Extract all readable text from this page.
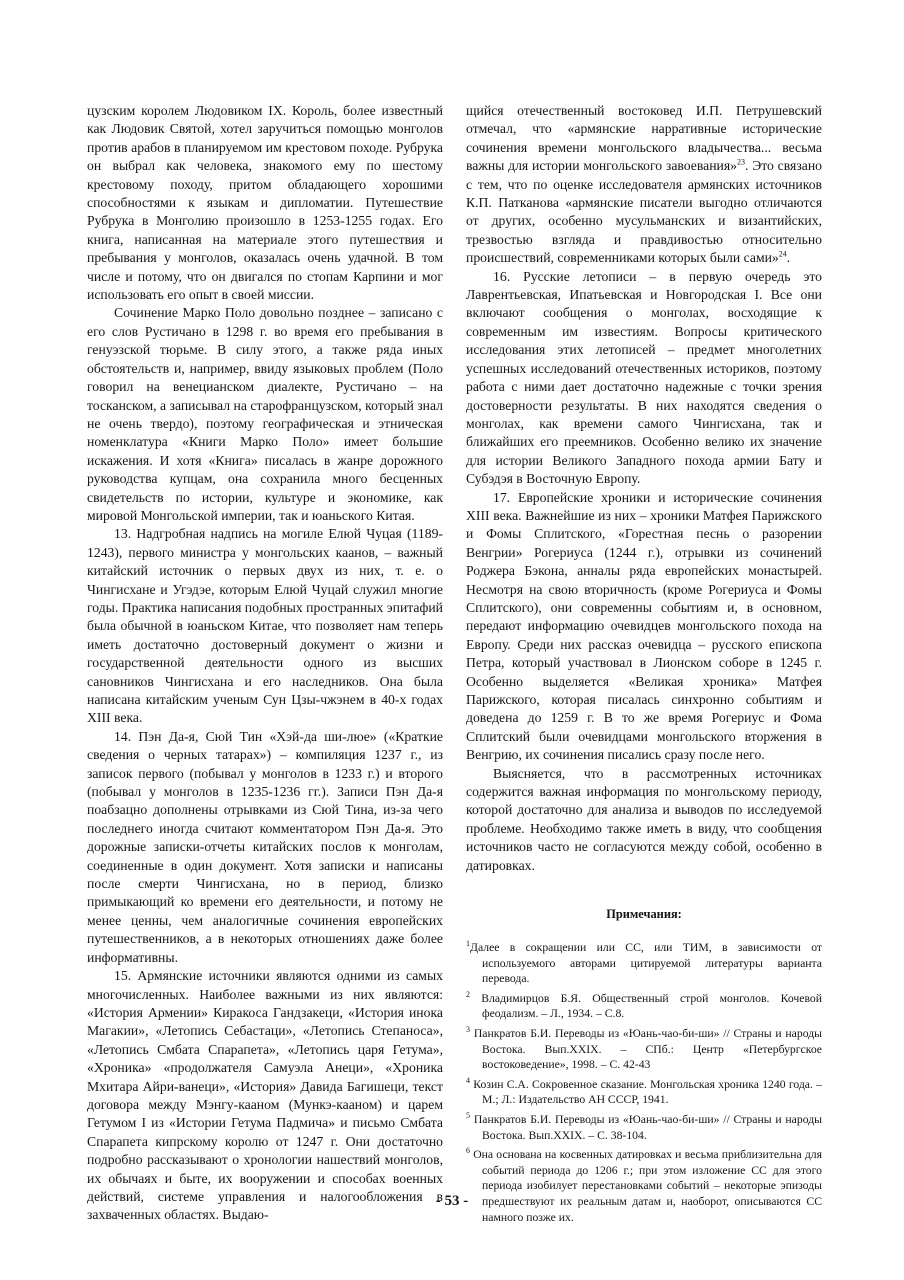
цузским королем Людовиком IX. Король, более известный как Людовик Святой, хотел заручиться помощью монголов против арабов в планируемом им крестовом походе. Рубрука он выбрал как человека, знакомого ему по шестому крестовому походу, притом обладающего хорошими способностями к языкам и дипломатии. Путешествие Рубрука в Монголию произошло в 1253-1255 годах. Его книга, написанная на материале этого путешествия и пребывания у монголов, оказалась очень удачной. В том числе и потому, что он двигался по стопам Карпини и мог использовать его опыт в своей миссии.

Сочинение Марко Поло довольно позднее – записано с его слов Рустичано в 1298 г. во время его пребывания в генуэзской тюрьме. В силу этого, а также ряда иных обстоятельств и, например, ввиду языковых проблем (Поло говорил на венецианском диалекте, Рустичано – на тосканском, а записывал на старофранцузском, который знал не очень твердо), поэтому географическая и этническая номенклатура «Книги Марко Поло» имеет большие искажения. И хотя «Книга» писалась в жанре дорожного руководства купцам, она сохранила много бесценных свидетельств по истории, культуре и экономике, как мировой Монгольской империи, так и юаньского Китая.

13. Надгробная надпись на могиле Елюй Чуцая (1189-1243), первого министра у монгольских каанов, – важный китайский источник о первых двух из них, т. е. о Чингисхане и Угэдэе, которым Елюй Чуцай служил многие годы. Практика написания подобных пространных эпитафий была обычной в юаньском Китае, что позволяет нам теперь иметь достаточно достоверный документ о жизни и государственной деятельности одного из высших сановников Чингисхана и его наследников. Она была написана китайским ученым Сун Цзы-чжэнем в 40-х годах XIII века.

14. Пэн Да-я, Сюй Тин «Хэй-да ши-люе» («Краткие сведения о черных татарах») – компиляция 1237 г., из записок первого (побывал у монголов в 1233 г.) и второго (побывал у монголов в 1235-1236 гг.). Записи Пэн Да-я поабзацно дополнены отрывками из Сюй Тина, из-за чего последнего иногда считают комментатором Пэн Да-я. Это дорожные записки-отчеты китайских послов к монголам, соединенные в один документ. Хотя записки и написаны после смерти Чингисхана, но в период, близко примыкающий ко времени его деятельности, и потому не менее ценны, чем аналогичные сочинения европейских путешественников, а в некоторых отношениях даже более информативны.

15. Армянские источники являются одними из самых многочисленных. Наиболее важными из них являются: «История Армении» Киракоса Гандзакеци, «История инока Магакии», «Летопись Себастаци», «Летопись Степаноса», «Летопись Смбата Спарапета», «Летопись царя Гетума», «Хроника» «продолжателя Самуэла Анеци», «Хроника Мхитара Айри-ванеци», «История» Давида Багишеци, текст договора между Мэнгу-кааном (Мункэ-кааном) и царем Гетумом I из «Истории Гетума Падмича» и письмо Смбата Спарапета кипрскому королю от 1247 г. Они достаточно подробно рассказывают о хронологии нашествий монголов, их обычаях и быте, их вооружении и способах военных действий, системе управления и налогообложения в захваченных областях. Выдаю-

щийся отечественный востоковед И.П. Петрушевский отмечал, что «армянские нарративные исторические сочинения времени монгольского владычества... весьма важны для истории монгольского завоевания»$^{23}$. Это связано с тем, что по оценке исследователя армянских источников К.П. Патканова «армянские писатели выгодно отличаются от других, особенно мусульманских и византийских, трезвостью взгляда и правдивостью относительно происшествий, современниками которых были сами»$^{24}$.

16. Русские летописи – в первую очередь это Лаврентьевская, Ипатьевская и Новгородская I. Все они включают сообщения о монголах, восходящие к современным им известиям. Вопросы критического исследования этих летописей – предмет многолетних успешных исследований отечественных историков, поэтому работа с ними дает достаточно надежные с точки зрения достоверности результаты. В них находятся сведения о монголах, как времени самого Чингисхана, так и ближайших его преемников. Особенно велико их значение для истории Великого Западного похода армии Бату и Субэдэя в Восточную Европу.

17. Европейские хроники и исторические сочинения XIII века. Важнейшие из них – хроники Матфея Парижского и Фомы Сплитского, «Горестная песнь о разорении Венгрии» Рогериуса (1244 г.), отрывки из сочинений Роджера Бэкона, анналы ряда европейских монастырей. Несмотря на свою вторичность (кроме Рогериуса и Фомы Сплитского), они современны событиям и, в основном, передают информацию очевидцев монгольского похода на Европу. Среди них рассказ очевидца – русского епископа Петра, который участвовал в Лионском соборе в 1245 г. Особенно выделяется «Великая хроника» Матфея Парижского, которая писалась синхронно событиям и доведена до 1259 г. В то же время Рогериус и Фома Сплитский были очевидцами монгольского вторжения в Венгрию, их сочинения писались сразу после него.

Выясняется, что в рассмотренных источниках содержится важная информация по монгольскому периоду, которой достаточно для анализа и выводов по исследуемой проблеме. Необходимо также иметь в виду, что сообщения источников часто не согласуются между собой, особенно в датировках.

Примечания:

$^1$Далее в сокращении или СС, или ТИМ, в зависимости от используемого авторами цитируемой литературы варианта перевода.

$^2$ Владимирцов Б.Я. Общественный строй монголов. Кочевой феодализм. – Л., 1934. – С.8.

$^3$ Панкратов Б.И. Переводы из «Юань-чао-би-ши» // Страны и народы Востока. Вып.XXIX. – СПб.: Центр «Петербургское востоковедение», 1998. – С. 42-43

$^4$ Козин С.А. Сокровенное сказание. Монгольская хроника 1240 года. – М.; Л.: Издательство АН СССР, 1941.

$^5$ Панкратов Б.И. Переводы из «Юань-чао-би-ши» // Страны и народы Востока. Вып.XXIX. – С. 38-104.

$^6$ Она основана на косвенных датировках и весьма приблизительна для событий периода до 1206 г.; при этом изложение СС для этого периода изобилует перестановками событий – некоторые эпизоды предшествуют их реальным датам и, наоборот, описываются СС намного позже их.

- 53 -
